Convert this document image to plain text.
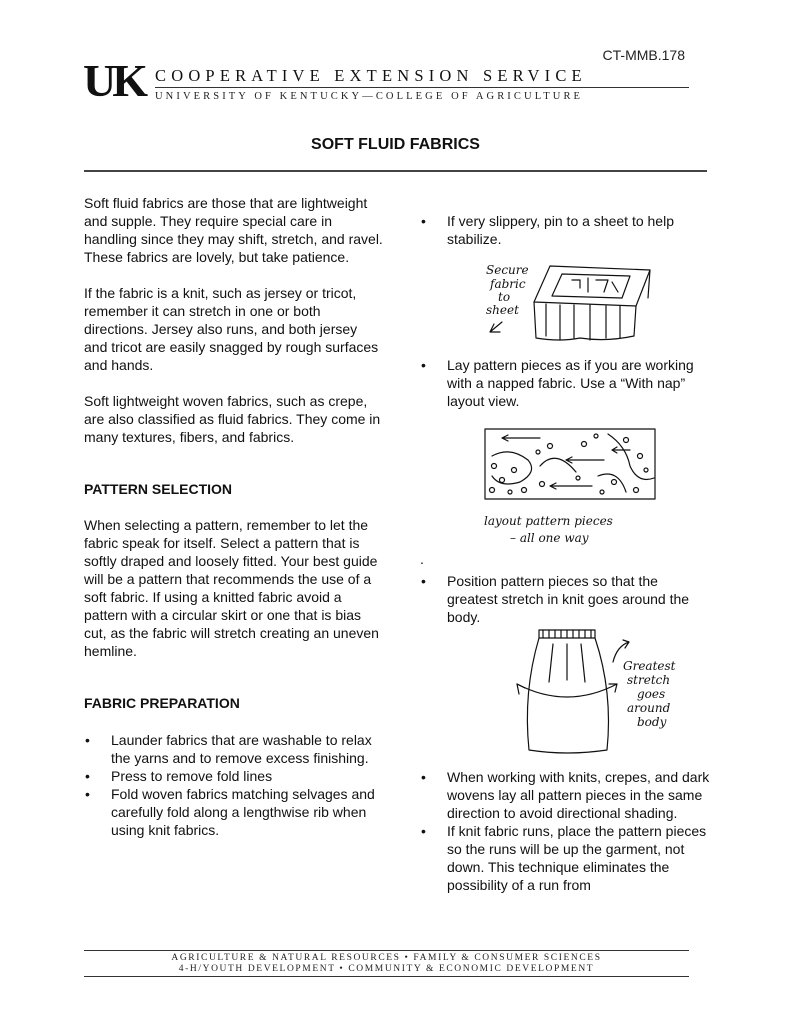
CT-MMB.178
UK COOPERATIVE EXTENSION SERVICE
UNIVERSITY OF KENTUCKY—COLLEGE OF AGRICULTURE
SOFT FLUID FABRICS

Soft fluid fabrics are those that are lightweight and supple. They require special care in handling since they may shift, stretch, and ravel. These fabrics are lovely, but take patience.

If the fabric is a knit, such as jersey or tricot, remember it can stretch in one or both directions. Jersey also runs, and both jersey and tricot are easily snagged by rough surfaces and hands.

Soft lightweight woven fabrics, such as crepe, are also classified as fluid fabrics. They come in many textures, fibers, and fabrics.

PATTERN SELECTION

When selecting a pattern, remember to let the fabric speak for itself. Select a pattern that is softly draped and loosely fitted. Your best guide will be a pattern that recommends the use of a soft fabric. If using a knitted fabric avoid a pattern with a circular skirt or one that is bias cut, as the fabric will stretch creating an uneven hemline.

FABRIC PREPARATION

• Launder fabrics that are washable to relax the yarns and to remove excess finishing.
• Press to remove fold lines
• Fold woven fabrics matching selvages and carefully fold along a lengthwise rib when using knit fabrics.
• If very slippery, pin to a sheet to help stabilize.
• Lay pattern pieces as if you are working with a napped fabric. Use a “With nap” layout view.
.
• Position pattern pieces so that the greatest stretch in knit goes around the body.
• When working with knits, crepes, and dark wovens lay all pattern pieces in the same direction to avoid directional shading.
• If knit fabric runs, place the pattern pieces so the runs will be up the garment, not down. This technique eliminates the possibility of a run from
Secure
fabric
to
sheet
layout pattern pieces
– all one way
Greatest
stretch
goes
around
body
AGRICULTURE & NATURAL RESOURCES • FAMILY & CONSUMER SCIENCES
4-H/YOUTH DEVELOPMENT • COMMUNITY & ECONOMIC DEVELOPMENT
